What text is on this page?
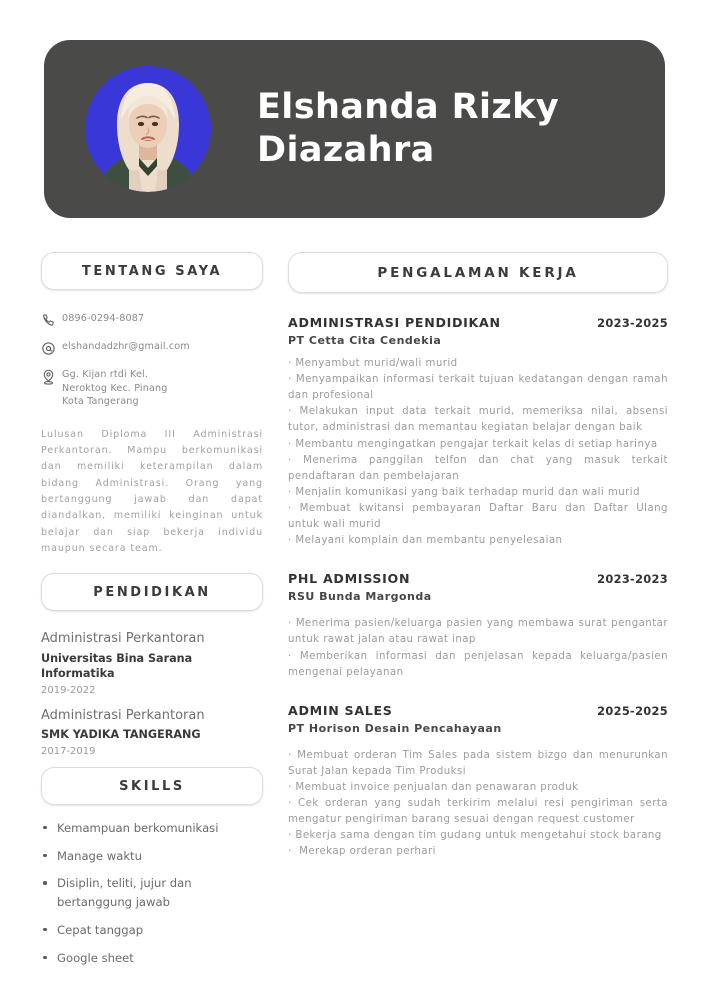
Elshanda Rizky
Diazahra
TENTANG SAYA
0896-0294-8087
elshandadzhr@gmail.com
Gg. Kijan rtdi Kel.
Neroktog Kec. Pinang
Kota Tangerang
Lulusan Diploma III Administrasi Perkantoran. Mampu berkomunikasi dan memiliki keterampilan dalam bidang Administrasi. Orang yang bertanggung jawab dan dapat diandalkan, memiliki keinginan untuk belajar dan siap bekerja individu maupun secara team.
PENDIDIKAN
Administrasi Perkantoran
Universitas Bina Sarana Informatika
2019-2022
Administrasi Perkantoran
SMK YADIKA TANGERANG
2017-2019
SKILLS
Kemampuan berkomunikasi
Manage waktu
Disiplin, teliti, jujur dan bertanggung jawab
Cepat tanggap
Google sheet
PENGALAMAN KERJA
ADMINISTRASI PENDIDIKAN	2023-2025
PT Cetta Cita Cendekia
· Menyambut murid/wali murid
· Menyampaikan informasi terkait tujuan kedatangan dengan ramah dan profesional
· Melakukan input data terkait murid, memeriksa nilai, absensi tutor, administrasi dan memantau kegiatan belajar dengan baik
· Membantu mengingatkan pengajar terkait kelas di setiap harinya
· Menerima panggilan telfon dan chat yang masuk terkait pendaftaran dan pembelajaran
· Menjalin komunikasi yang baik terhadap murid dan wali murid
· Membuat kwitansi pembayaran Daftar Baru dan Daftar Ulang untuk wali murid
· Melayani komplain dan membantu penyelesaian
PHL ADMISSION	2023-2023
RSU Bunda Margonda
· Menerima pasien/keluarga pasien yang membawa surat pengantar untuk rawat jalan atau rawat inap
· Memberikan informasi dan penjelasan kepada keluarga/pasien mengenai pelayanan
ADMIN SALES	2025-2025
PT Horison Desain Pencahayaan
· Membuat orderan Tim Sales pada sistem bizgo dan menurunkan Surat Jalan kepada Tim Produksi
· Membuat invoice penjualan dan penawaran produk
· Cek orderan yang sudah terkirim melalui resi pengiriman serta mengatur pengiriman barang sesuai dengan request customer
· Bekerja sama dengan tim gudang untuk mengetahui stock barang
·  Merekap orderan perhari
